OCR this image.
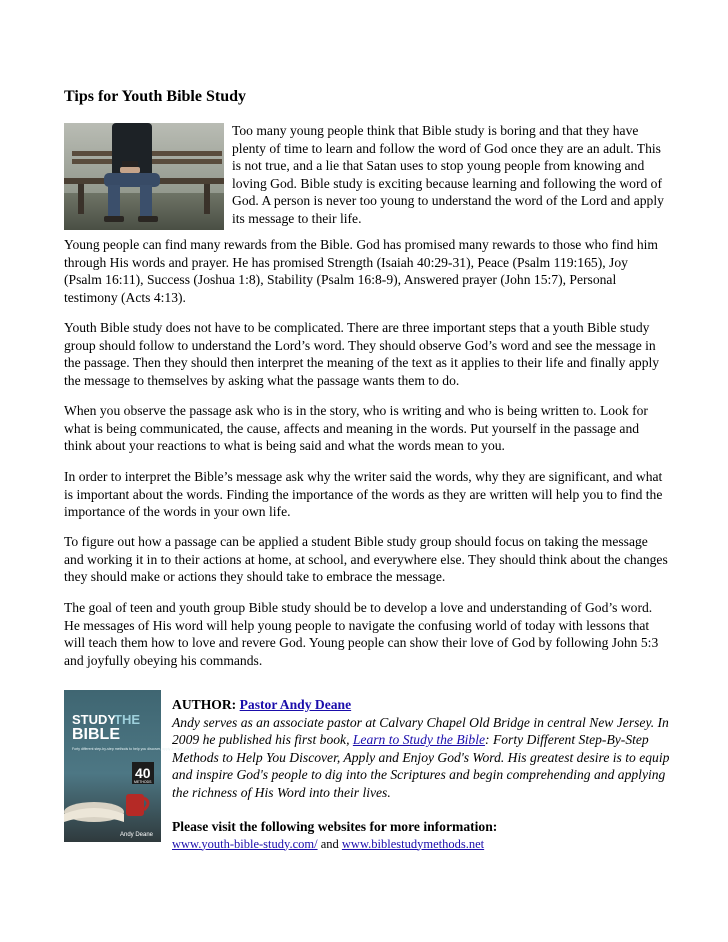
Tips for Youth Bible Study

Too many young people think that Bible study is boring and that they have plenty of time to learn and follow the word of God once they are an adult. This is not true, and a lie that Satan uses to stop young people from knowing and loving God. Bible study is exciting because learning and following the word of God. A person is never too young to understand the word of the Lord and apply its message to their life.

Young people can find many rewards from the Bible. God has promised many rewards to those who find him through His words and prayer. He has promised Strength (Isaiah 40:29-31), Peace (Psalm 119:165), Joy (Psalm 16:11), Success (Joshua 1:8), Stability (Psalm 16:8-9), Answered prayer (John 15:7), Personal testimony (Acts 4:13).

Youth Bible study does not have to be complicated. There are three important steps that a youth Bible study group should follow to understand the Lord’s word. They should observe God’s word and see the message in the passage. Then they should then interpret the meaning of the text as it applies to their life and finally apply the message to themselves by asking what the passage wants them to do.

When you observe the passage ask who is in the story, who is writing and who is being written to. Look for what is being communicated, the cause, affects and meaning in the words. Put yourself in the passage and think about your reactions to what is being said and what the words mean to you.

In order to interpret the Bible’s message ask why the writer said the words, why they are significant, and what is important about the words. Finding the importance of the words as they are written will help you to find the importance of the words in your own life.

To figure out how a passage can be applied a student Bible study group should focus on taking the message and working it in to their actions at home, at school, and everywhere else. They should think about the changes they should make or actions they should take to embrace the message.

The goal of teen and youth group Bible study should be to develop a love and understanding of God’s word. He messages of His word will help young people to navigate the confusing world of today with lessons that will teach them how to love and revere God. Young people can show their love of God by following John 5:3 and joyfully obeying his commands.

STUDY
THE
BIBLE
Forty different step-by-step methods to help you discover, apply & enjoy God's word
40
METHODS
Andy Deane
AUTHOR: Pastor Andy Deane

Andy serves as an associate pastor at Calvary Chapel Old Bridge in central New Jersey. In 2009 he published his first book, Learn to Study the Bible: Forty Different Step-By-Step Methods to Help You Discover, Apply and Enjoy God's Word. His greatest desire is to equip and inspire God's people to dig into the Scriptures and begin comprehending and applying the richness of His Word into their lives.

Please visit the following websites for more information:

www.youth-bible-study.com/ and www.biblestudymethods.net
